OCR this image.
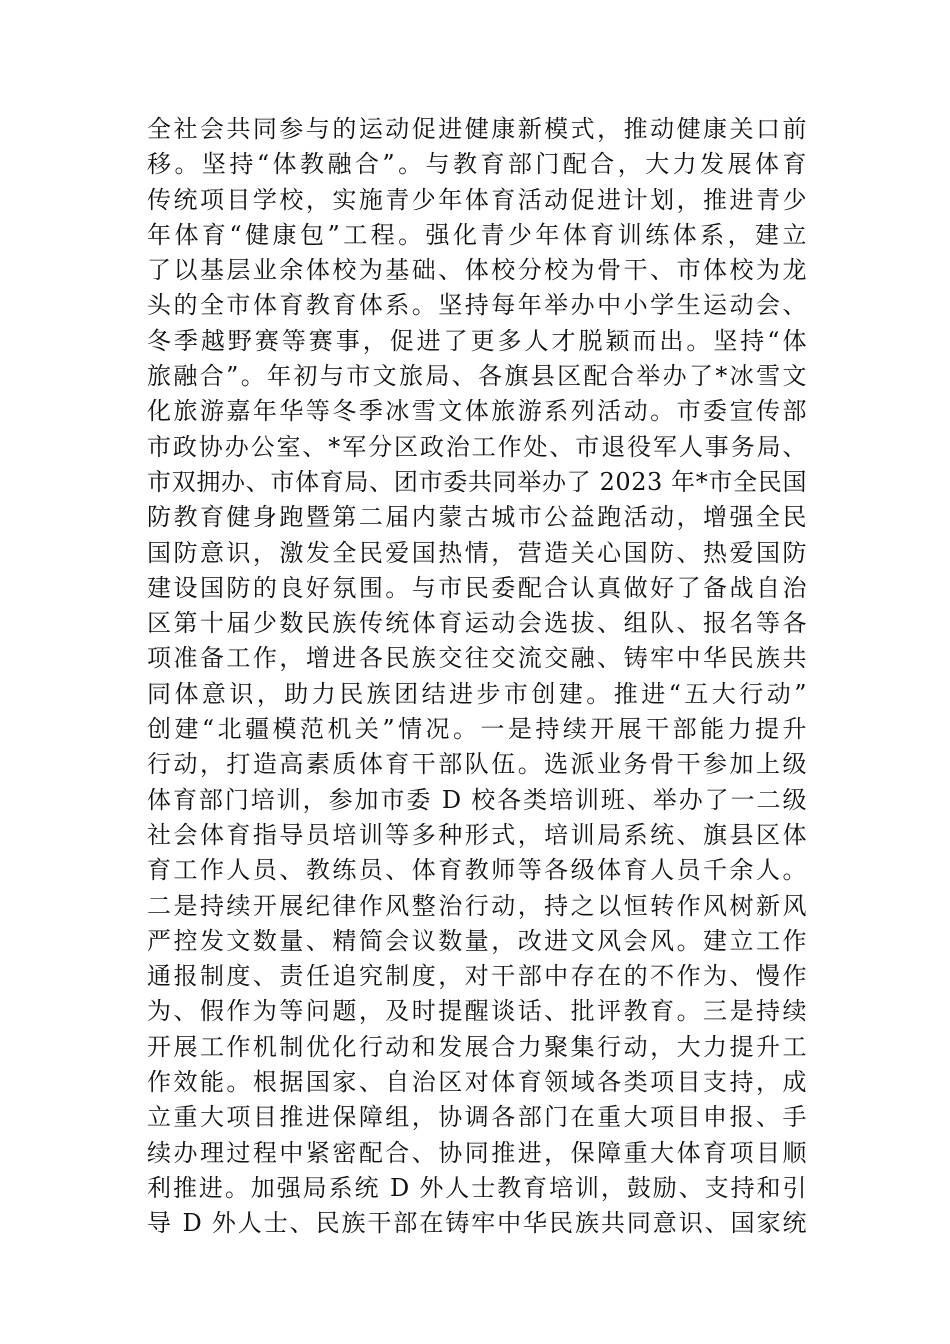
全社会共同参与的运动促进健康新模式，推动健康关口前
移。坚持“体教融合”。与教育部门配合，大力发展体育
传统项目学校，实施青少年体育活动促进计划，推进青少
年体育“健康包”工程。强化青少年体育训练体系，建立
了以基层业余体校为基础、体校分校为骨干、市体校为龙
头的全市体育教育体系。坚持每年举办中小学生运动会、
冬季越野赛等赛事，促进了更多人才脱颖而出。坚持“体
旅融合”。年初与市文旅局、各旗县区配合举办了*冰雪文
化旅游嘉年华等冬季冰雪文体旅游系列活动。市委宣传部
市政协办公室、*军分区政治工作处、市退役军人事务局、
市双拥办、市体育局、团市委共同举办了 2023 年*市全民国
防教育健身跑暨第二届内蒙古城市公益跑活动，增强全民
国防意识，激发全民爱国热情，营造关心国防、热爱国防
建设国防的良好氛围。与市民委配合认真做好了备战自治
区第十届少数民族传统体育运动会选拔、组队、报名等各
项准备工作，增进各民族交往交流交融、铸牢中华民族共
同体意识，助力民族团结进步市创建。推进“五大行动”
创建“北疆模范机关”情况。一是持续开展干部能力提升
行动，打造高素质体育干部队伍。选派业务骨干参加上级
体育部门培训，参加市委 D 校各类培训班、举办了一二级
社会体育指导员培训等多种形式，培训局系统、旗县区体
育工作人员、教练员、体育教师等各级体育人员千余人。
二是持续开展纪律作风整治行动，持之以恒转作风树新风
严控发文数量、精简会议数量，改进文风会风。建立工作
通报制度、责任追究制度，对干部中存在的不作为、慢作
为、假作为等问题，及时提醒谈话、批评教育。三是持续
开展工作机制优化行动和发展合力聚集行动，大力提升工
作效能。根据国家、自治区对体育领域各类项目支持，成
立重大项目推进保障组，协调各部门在重大项目申报、手
续办理过程中紧密配合、协同推进，保障重大体育项目顺
利推进。加强局系统 D 外人士教育培训，鼓励、支持和引
导 D 外人士、民族干部在铸牢中华民族共同意识、国家统
